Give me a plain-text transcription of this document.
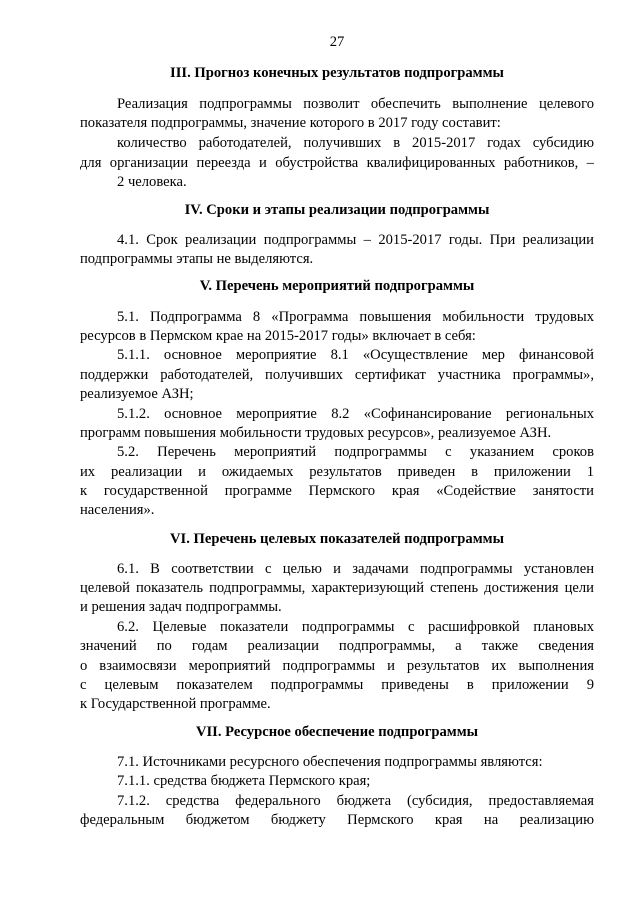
27
III. Прогноз конечных результатов подпрограммы
Реализация подпрограммы позволит обеспечить выполнение целевого
показателя подпрограммы, значение которого в 2017 году составит:
количество работодателей, получивших в 2015-2017 годах субсидию
для организации переезда и обустройства квалифицированных работников, –
2 человека.
IV. Сроки и этапы реализации подпрограммы
4.1. Срок реализации подпрограммы – 2015-2017 годы. При реализации
подпрограммы этапы не выделяются.
V. Перечень мероприятий подпрограммы
5.1. Подпрограмма 8 «Программа повышения мобильности трудовых
ресурсов в Пермском крае на 2015-2017 годы» включает в себя:
5.1.1. основное мероприятие 8.1 «Осуществление мер финансовой
поддержки работодателей, получивших сертификат участника программы»,
реализуемое АЗН;
5.1.2. основное мероприятие 8.2 «Софинансирование региональных
программ повышения мобильности трудовых ресурсов», реализуемое АЗН.
5.2. Перечень мероприятий подпрограммы с указанием сроков
их реализации и ожидаемых результатов приведен в приложении 1
к государственной программе Пермского края «Содействие занятости
населения».
VI. Перечень целевых показателей подпрограммы
6.1. В соответствии с целью и задачами подпрограммы установлен
целевой показатель подпрограммы, характеризующий степень достижения цели
и решения задач подпрограммы.
6.2. Целевые показатели подпрограммы с расшифровкой плановых
значений по годам реализации подпрограммы, а также сведения
о взаимосвязи мероприятий подпрограммы и результатов их выполнения
с целевым показателем подпрограммы приведены в приложении 9
к Государственной программе.
VII. Ресурсное обеспечение подпрограммы
7.1. Источниками ресурсного обеспечения подпрограммы являются:
7.1.1. средства бюджета Пермского края;
7.1.2. средства федерального бюджета (субсидия, предоставляемая
федеральным бюджетом бюджету Пермского края на реализацию
